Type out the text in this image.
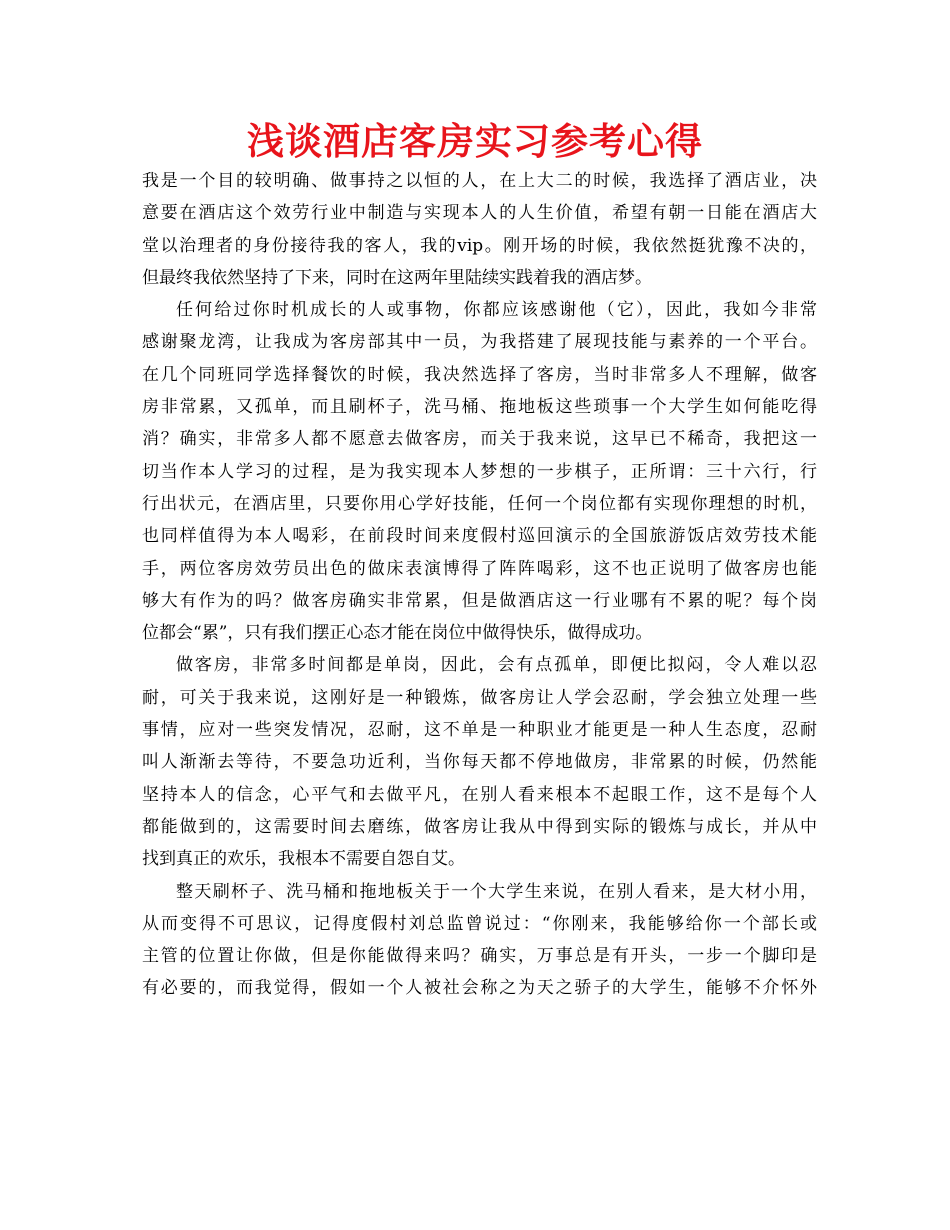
浅谈酒店客房实习参考心得

我是一个目的较明确、做事持之以恒的人，在上大二的时候，我选择了酒店业，决
意要在酒店这个效劳行业中制造与实现本人的人生价值，希望有朝一日能在酒店大
堂以治理者的身份接待我的客人，我的vip。刚开场的时候，我依然挺犹豫不决的，
但最终我依然坚持了下来，同时在这两年里陆续实践着我的酒店梦。

任何给过你时机成长的人或事物，你都应该感谢他（它），因此，我如今非常
感谢聚龙湾，让我成为客房部其中一员，为我搭建了展现技能与素养的一个平台。
在几个同班同学选择餐饮的时候，我决然选择了客房，当时非常多人不理解，做客
房非常累，又孤单，而且刷杯子，洗马桶、拖地板这些琐事一个大学生如何能吃得
消？确实，非常多人都不愿意去做客房，而关于我来说，这早已不稀奇，我把这一
切当作本人学习的过程，是为我实现本人梦想的一步棋子，正所谓：三十六行，行
行出状元，在酒店里，只要你用心学好技能，任何一个岗位都有实现你理想的时机，
也同样值得为本人喝彩，在前段时间来度假村巡回演示的全国旅游饭店效劳技术能
手，两位客房效劳员出色的做床表演博得了阵阵喝彩，这不也正说明了做客房也能
够大有作为的吗？做客房确实非常累，但是做酒店这一行业哪有不累的呢？每个岗
位都会“累”，只有我们摆正心态才能在岗位中做得快乐，做得成功。

做客房，非常多时间都是单岗，因此，会有点孤单，即便比拟闷，令人难以忍
耐，可关于我来说，这刚好是一种锻炼，做客房让人学会忍耐，学会独立处理一些
事情，应对一些突发情况，忍耐，这不单是一种职业才能更是一种人生态度，忍耐
叫人渐渐去等待，不要急功近利，当你每天都不停地做房，非常累的时候，仍然能
坚持本人的信念，心平气和去做平凡，在别人看来根本不起眼工作，这不是每个人
都能做到的，这需要时间去磨练，做客房让我从中得到实际的锻炼与成长，并从中
找到真正的欢乐，我根本不需要自怨自艾。

整天刷杯子、洗马桶和拖地板关于一个大学生来说，在别人看来，是大材小用，
从而变得不可思议，记得度假村刘总监曾说过：“你刚来，我能够给你一个部长或
主管的位置让你做，但是你能做得来吗？确实，万事总是有开头，一步一个脚印是
有必要的，而我觉得，假如一个人被社会称之为天之骄子的大学生，能够不介怀外
